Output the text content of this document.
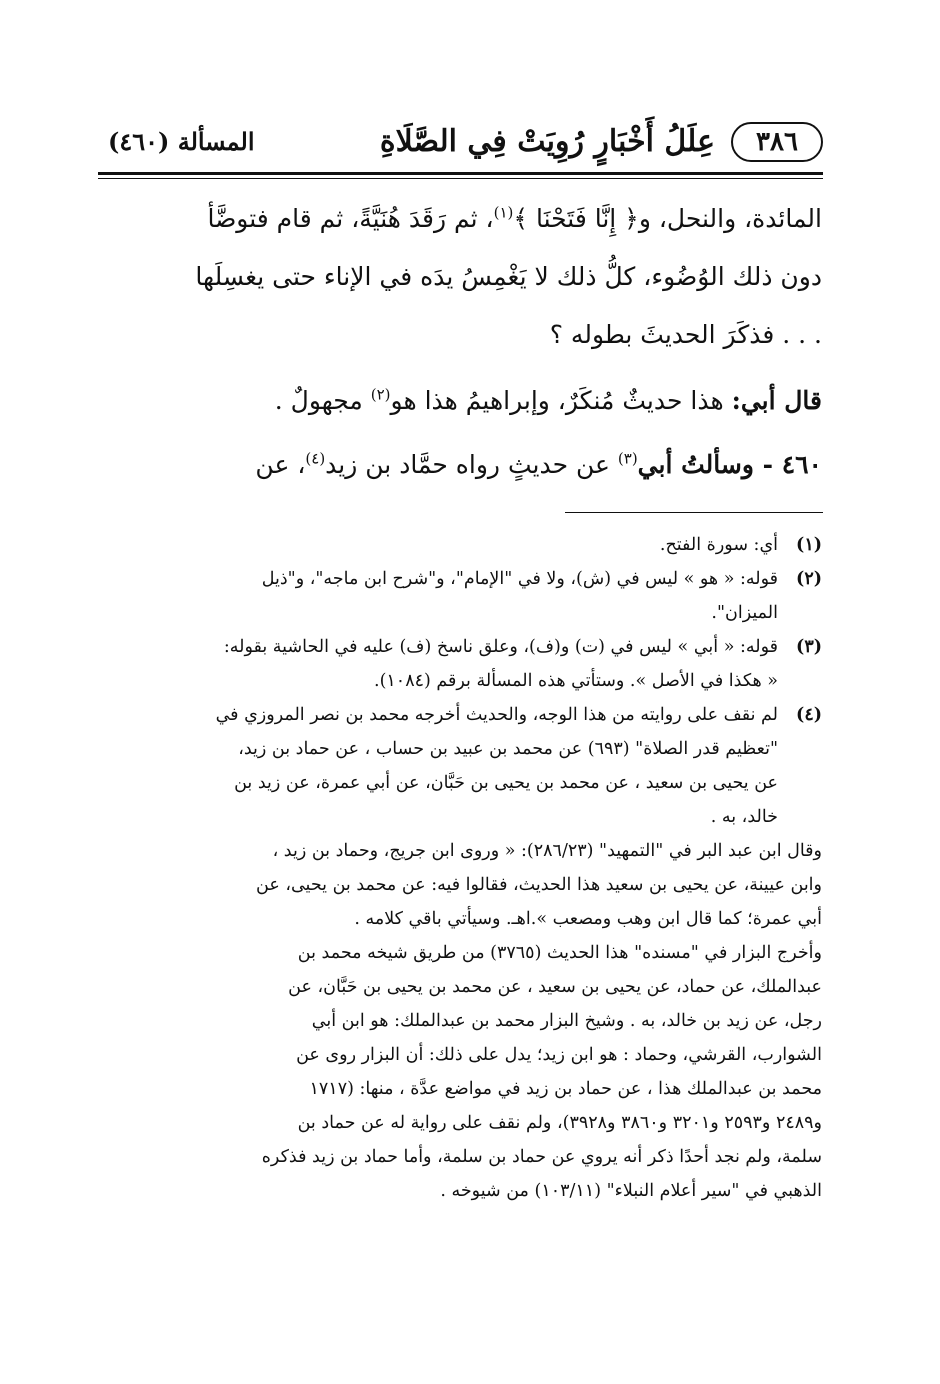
٣٨٦
عِلَلُ أَخْبَارٍ رُوِيَتْ فِي الصَّلَاةِ
المسألة (٤٦٠)
المائدة، والنحل، و﴿ إِنَّا فَتَحْنَا ﴾$^{(١)}$، ثم رَقَدَ هُنَيَّةً، ثم قام فتوضَّأ
دون ذلك الوُضُوء، كلُّ ذلك لا يَغْمِسُ يدَه في الإناء حتى يغسِلَها
. . . فذكَرَ الحديثَ بطوله ؟
قال أبي: هذا حديثٌ مُنكَرٌ، وإبراهيمُ هذا هو$^{(٢)}$ مجهولٌ .
٤٦٠ - وسألتُ أبي$^{(٣)}$ عن حديثٍ رواه حمَّاد بن زيد$^{(٤)}$، عن
(١)
أي: سورة الفتح.
(٢)
قوله: « هو » ليس في (ش)، ولا في "الإمام"، و"شرح ابن ماجه"، و"ذيل
الميزان".
(٣)
قوله: « أبي » ليس في (ت) و(ف)، وعلق ناسخ (ف) عليه في الحاشية بقوله:
« هكذا في الأصل ». وستأتي هذه المسألة برقم (١٠٨٤).
(٤)
لم نقف على روايته من هذا الوجه، والحديث أخرجه محمد بن نصر المروزي في
"تعظيم قدر الصلاة" (٦٩٣) عن محمد بن عبيد بن حساب ، عن حماد بن زيد،
عن يحيى بن سعيد ، عن محمد بن يحيى بن حَبَّان، عن أبي عمرة، عن زيد بن
خالد، به .
وقال ابن عبد البر في "التمهيد" (٢٨٦/٢٣): « وروى ابن جريج، وحماد بن زيد ،
وابن عيينة، عن يحيى بن سعيد هذا الحديث، فقالوا فيه: عن محمد بن يحيى، عن
أبي عمرة؛ كما قال ابن وهب ومصعب ».اهـ. وسيأتي باقي كلامه .
وأخرج البزار في "مسنده" هذا الحديث (٣٧٦٥) من طريق شيخه محمد بن
عبدالملك، عن حماد، عن يحيى بن سعيد ، عن محمد بن يحيى بن حَبَّان، عن
رجل، عن زيد بن خالد، به . وشيخ البزار محمد بن عبدالملك: هو ابن أبي
الشوارب، القرشي، وحماد : هو ابن زيد؛ يدل على ذلك: أن البزار روى عن
محمد بن عبدالملك هذا ، عن حماد بن زيد في مواضع عدَّة ، منها: (١٧١٧
و٢٤٨٩ و٢٥٩٣ و٣٢٠١ و٣٨٦٠ و٣٩٢٨)، ولم نقف على رواية له عن حماد بن
سلمة، ولم نجد أحدًا ذكر أنه يروي عن حماد بن سلمة، وأما حماد بن زيد فذكره
الذهبي في "سير أعلام النبلاء" (١٠٣/١١) من شيوخه .
